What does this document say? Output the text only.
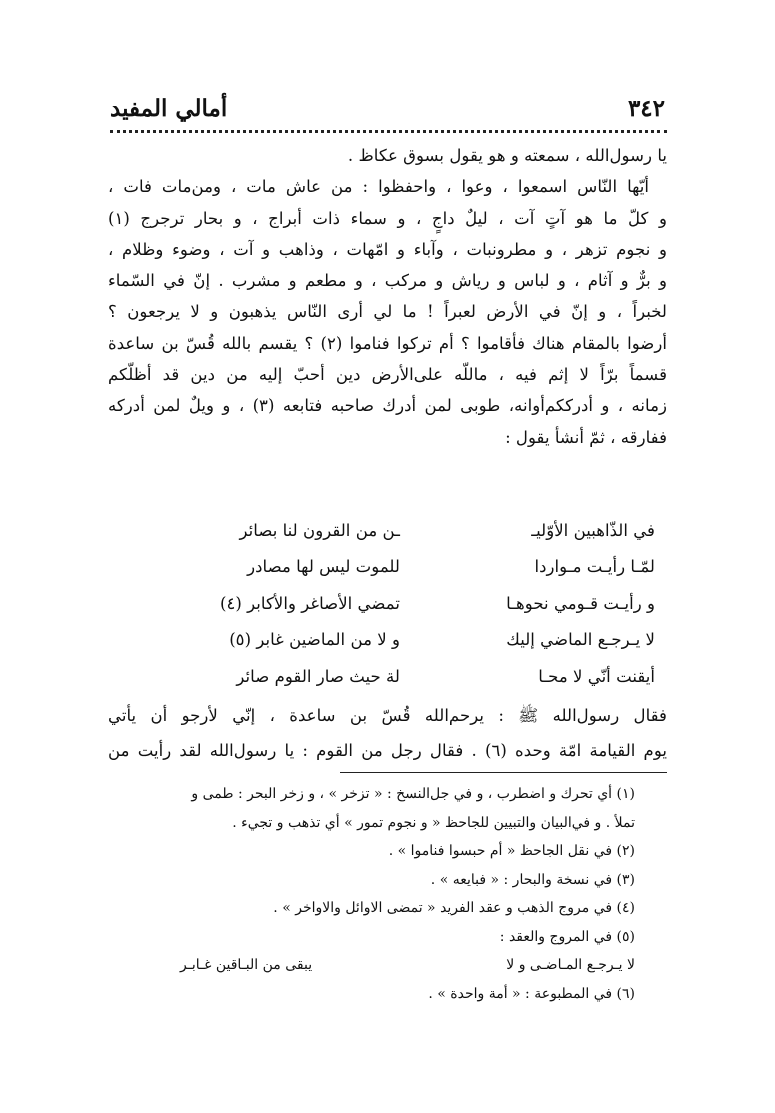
٣٤٢
أمالي المفيد
يا رسول‌الله ، سمعته و هو يقول بسوق عكاظ .
أيّها النّاس اسمعوا ، وعوا ، واحفظوا : من عاش مات ، ومن‌مات فات ،
و كلّ ما هو آتٍ آت ، ليلٌ داجٍ ، و سماء ذات أبراج ، و بحار ترجرج (١)
و نجوم تزهر ، و مطرونبات ، وآباء و امّهات ، وذاهب و آت ، وضوء وظلام ،
و برٌّ و آثام ، و لباس و رياش و مركب ، و مطعم و مشرب . إنّ في السّماء
لخبراً ، و إنّ في الأرض لعبراً ! ما لي أرى النّاس يذهبون و لا يرجعون ؟
أرضوا بالمقام هناك فأقاموا ؟ أم تركوا فناموا (٢) ؟ يقسم بالله قُسّ بن ساعدة
قسماً برّاً لا إثم فيه ، ماللّه على‌الأرض دين أحبّ إليه من دين قد أظلّكم
زمانه ، و أدرككم‌أوانه، طوبى لمن أدرك صاحبه فتابعه (٣) ، و ويلٌ لمن أدركه
ففارقه ، ثمّ أنشأ يقول :
في الذّاهبين الأوّليـ
ـن من القرون لنا بصائر
لمّـا رأيـت مـواردا
للموت ليس لها مصادر
و رأيـت قـومي نحوهـا
تمضي الأصاغر والأكابر (٤)
لا يـرجـع الماضي إليك
و لا من الماضين غابر (٥)
أيقنت أنّي لا محـا
لة حيث صار القوم صائر
فقال رسول‌الله ﷺ : يرحم‌الله قُسّ بن ساعدة ، إنّي لأرجو أن يأتي
يوم القيامة امّة وحده (٦) . فقال رجل من القوم : يا رسول‌الله لقد رأيت من
(١) أي تحرك و اضطرب ، و في جل‌النسخ : « تزخر » ، و زخر البحر : طمى و
تملأ . و في‌البيان والتبيين للجاحظ « و نجوم تمور » أي تذهب و تجيء .
(٢) في نقل الجاحظ « أم حبسوا فناموا » .
(٣) في نسخة والبحار : « فبايعه » .
(٤) في مروج الذهب و عقد الفريد « تمضى الاوائل والاواخر » .
(٥) في المروج والعقد :
لا يـرجـع المـاضـى و لا
يبقى من البـاقين غـابـر
(٦) في المطبوعة : « أمة واحدة » .
